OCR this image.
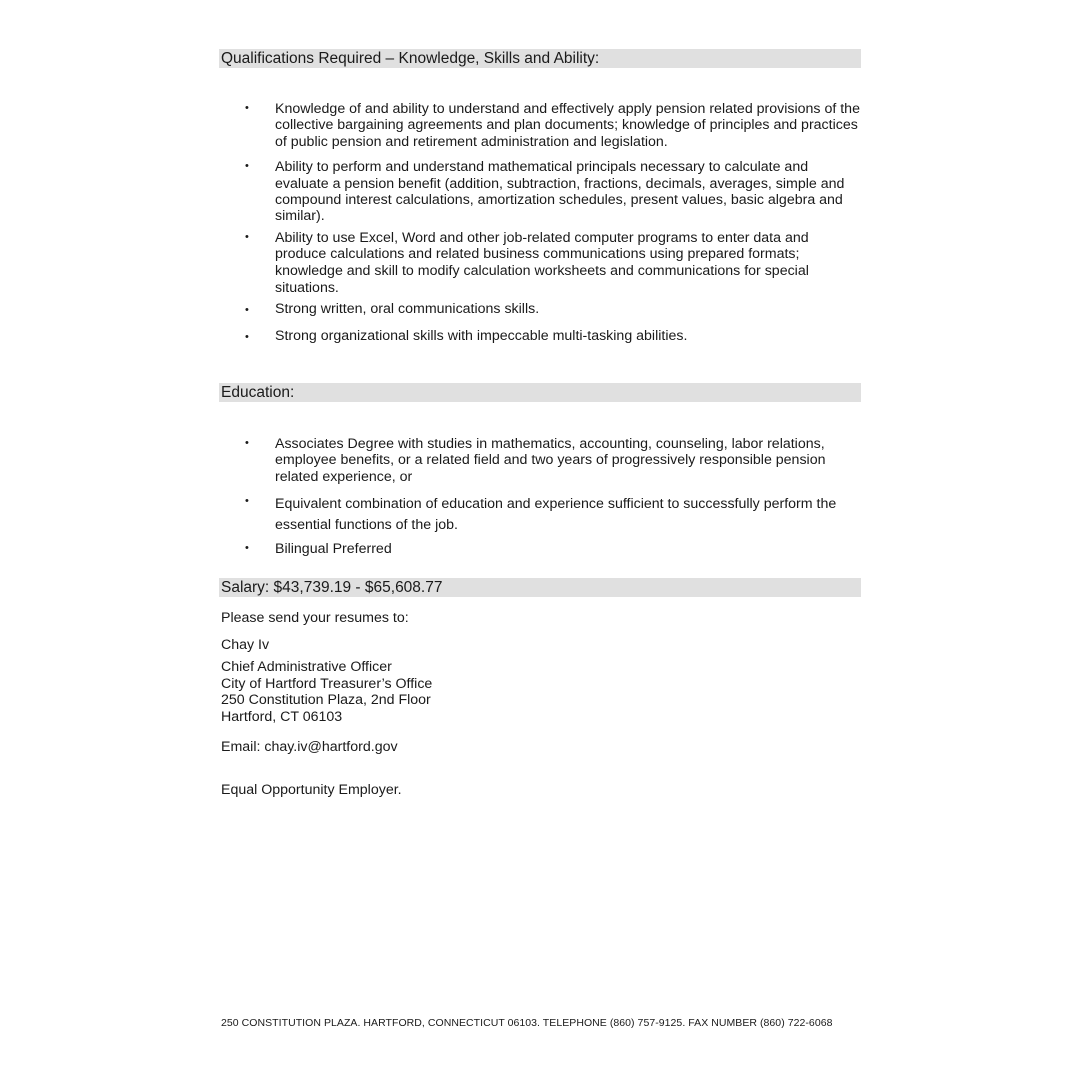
Qualifications Required – Knowledge, Skills and Ability:
• Knowledge of and ability to understand and effectively apply pension related provisions of the collective bargaining agreements and plan documents; knowledge of principles and practices of public pension and retirement administration and legislation.
• Ability to perform and understand mathematical principals necessary to calculate and evaluate a pension benefit (addition, subtraction, fractions, decimals, averages, simple and compound interest calculations, amortization schedules, present values, basic algebra and similar).
• Ability to use Excel, Word and other job-related computer programs to enter data and produce calculations and related business communications using prepared formats; knowledge and skill to modify calculation worksheets and communications for special situations.
• Strong written, oral communications skills.
• Strong organizational skills with impeccable multi-tasking abilities.
Education:
• Associates Degree with studies in mathematics, accounting, counseling, labor relations, employee benefits, or a related field and two years of progressively responsible pension related experience, or
• Equivalent combination of education and experience sufficient to successfully perform the essential functions of the job.
• Bilingual Preferred
Salary: $43,739.19 - $65,608.77
Please send your resumes to:
Chay Iv
Chief Administrative Officer
City of Hartford Treasurer’s Office
250 Constitution Plaza, 2nd Floor
Hartford, CT 06103
Email: chay.iv@hartford.gov
Equal Opportunity Employer.
250 CONSTITUTION PLAZA. HARTFORD, CONNECTICUT 06103. TELEPHONE (860) 757-9125. FAX NUMBER (860) 722-6068
